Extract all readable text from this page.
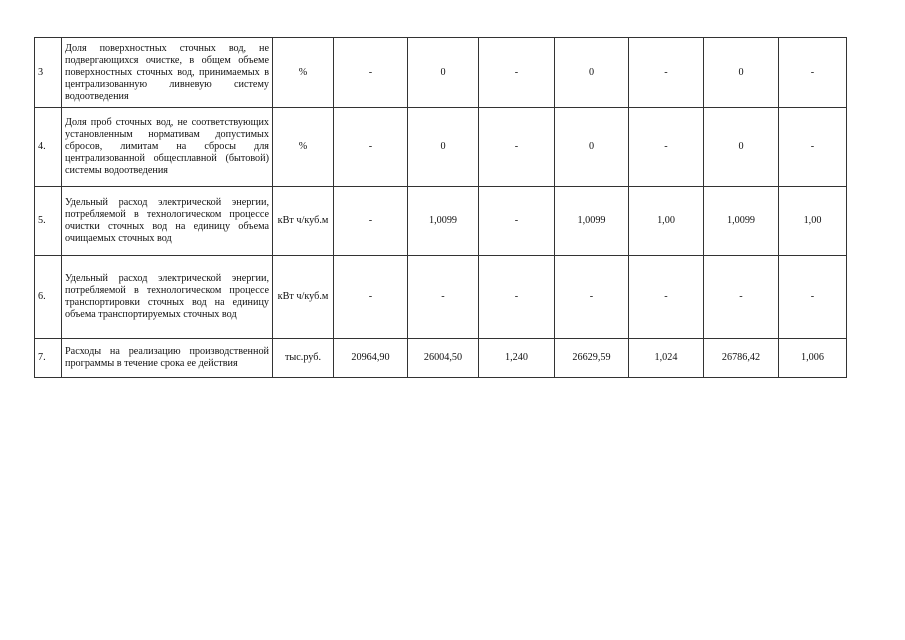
3	Доля поверхностных сточных вод, не подвергающихся очистке, в общем объеме поверхностных сточных вод, принимаемых в централизованную ливневую систему водоотведения	%	-	0	-	0	-	0	-
4.	Доля проб сточных вод, не соответствующих установленным нормативам допустимых сбросов, лимитам на сбросы для централизованной общесплавной (бытовой) системы водоотведения	%	-	0	-	0	-	0	-
5.	Удельный расход электрической энергии, потребляемой в технологическом процессе очистки сточных вод на единицу объема очищаемых сточных вод	кВт ч/куб.м	-	1,0099	-	1,0099	1,00	1,0099	1,00
6.	Удельный расход электрической энергии, потребляемой в технологическом процессе транспортировки сточных вод на единицу объема транспортируемых сточных вод	кВт ч/куб.м	-	-	-	-	-	-	-
7.	Расходы на реализацию производственной программы в течение срока ее действия	тыс.руб.	20964,90	26004,50	1,240	26629,59	1,024	26786,42	1,006
